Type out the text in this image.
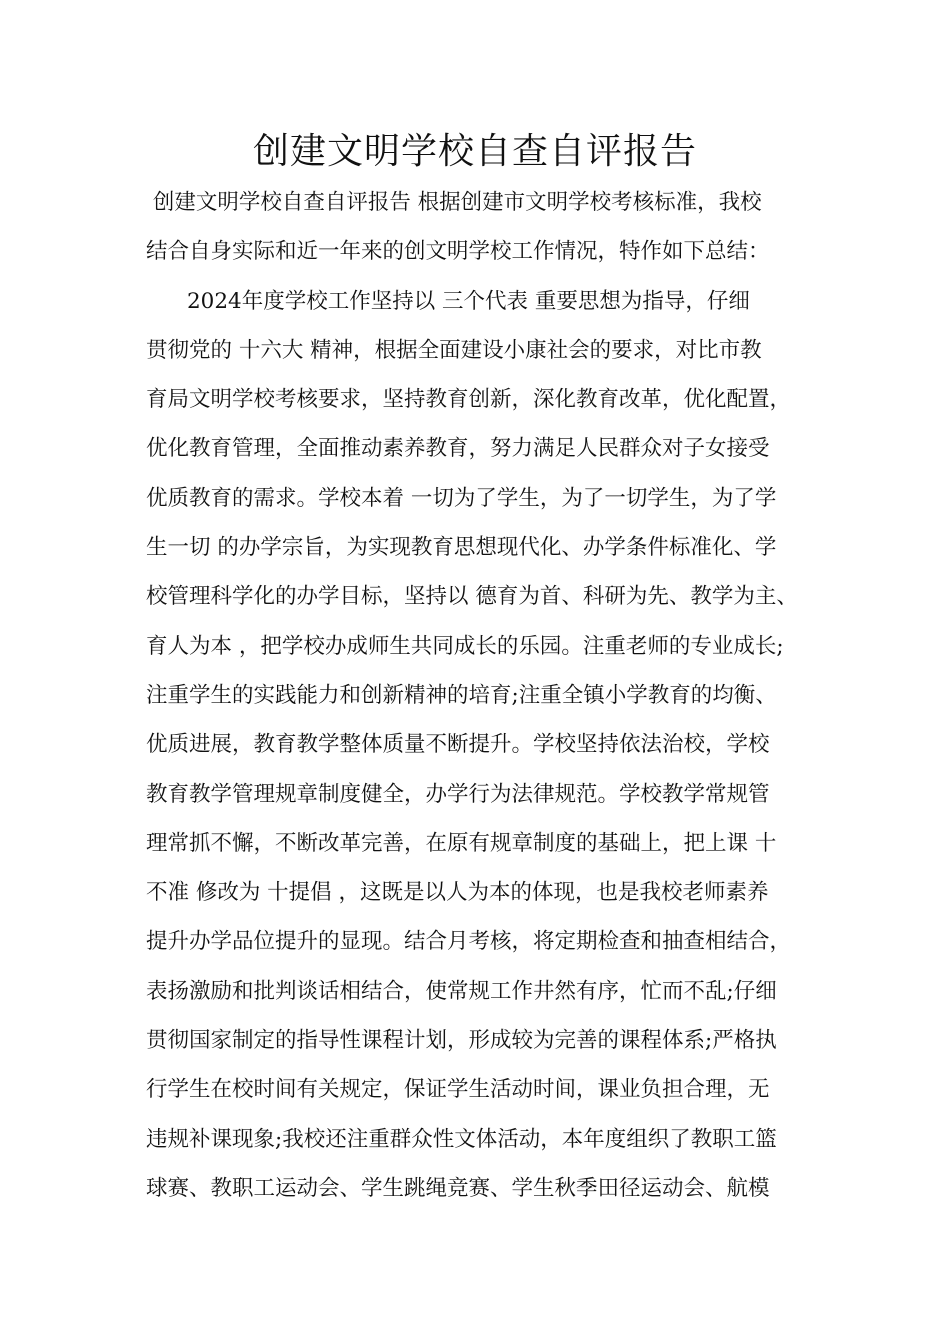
创建文明学校自查自评报告
创建文明学校自查自评报告 根据创建市文明学校考核标准，我校
结合自身实际和近一年来的创文明学校工作情况，特作如下总结：
2024年度学校工作坚持以 三个代表 重要思想为指导，仔细
贯彻党的 十六大 精神，根据全面建设小康社会的要求，对比市教
育局文明学校考核要求，坚持教育创新，深化教育改革，优化配置，
优化教育管理，全面推动素养教育，努力满足人民群众对子女接受
优质教育的需求。学校本着 一切为了学生，为了一切学生，为了学
生一切 的办学宗旨，为实现教育思想现代化、办学条件标准化、学
校管理科学化的办学目标，坚持以 德育为首、科研为先、教学为主、
育人为本 ，把学校办成师生共同成长的乐园。注重老师的专业成长;
注重学生的实践能力和创新精神的培育;注重全镇小学教育的均衡、
优质进展，教育教学整体质量不断提升。学校坚持依法治校，学校
教育教学管理规章制度健全，办学行为法律规范。学校教学常规管
理常抓不懈，不断改革完善，在原有规章制度的基础上，把上课 十
不准 修改为 十提倡 ，这既是以人为本的体现，也是我校老师素养
提升办学品位提升的显现。结合月考核，将定期检查和抽查相结合，
表扬激励和批判谈话相结合，使常规工作井然有序，忙而不乱;仔细
贯彻国家制定的指导性课程计划，形成较为完善的课程体系;严格执
行学生在校时间有关规定，保证学生活动时间，课业负担合理，无
违规补课现象;我校还注重群众性文体活动，本年度组织了教职工篮
球赛、教职工运动会、学生跳绳竞赛、学生秋季田径运动会、航模
